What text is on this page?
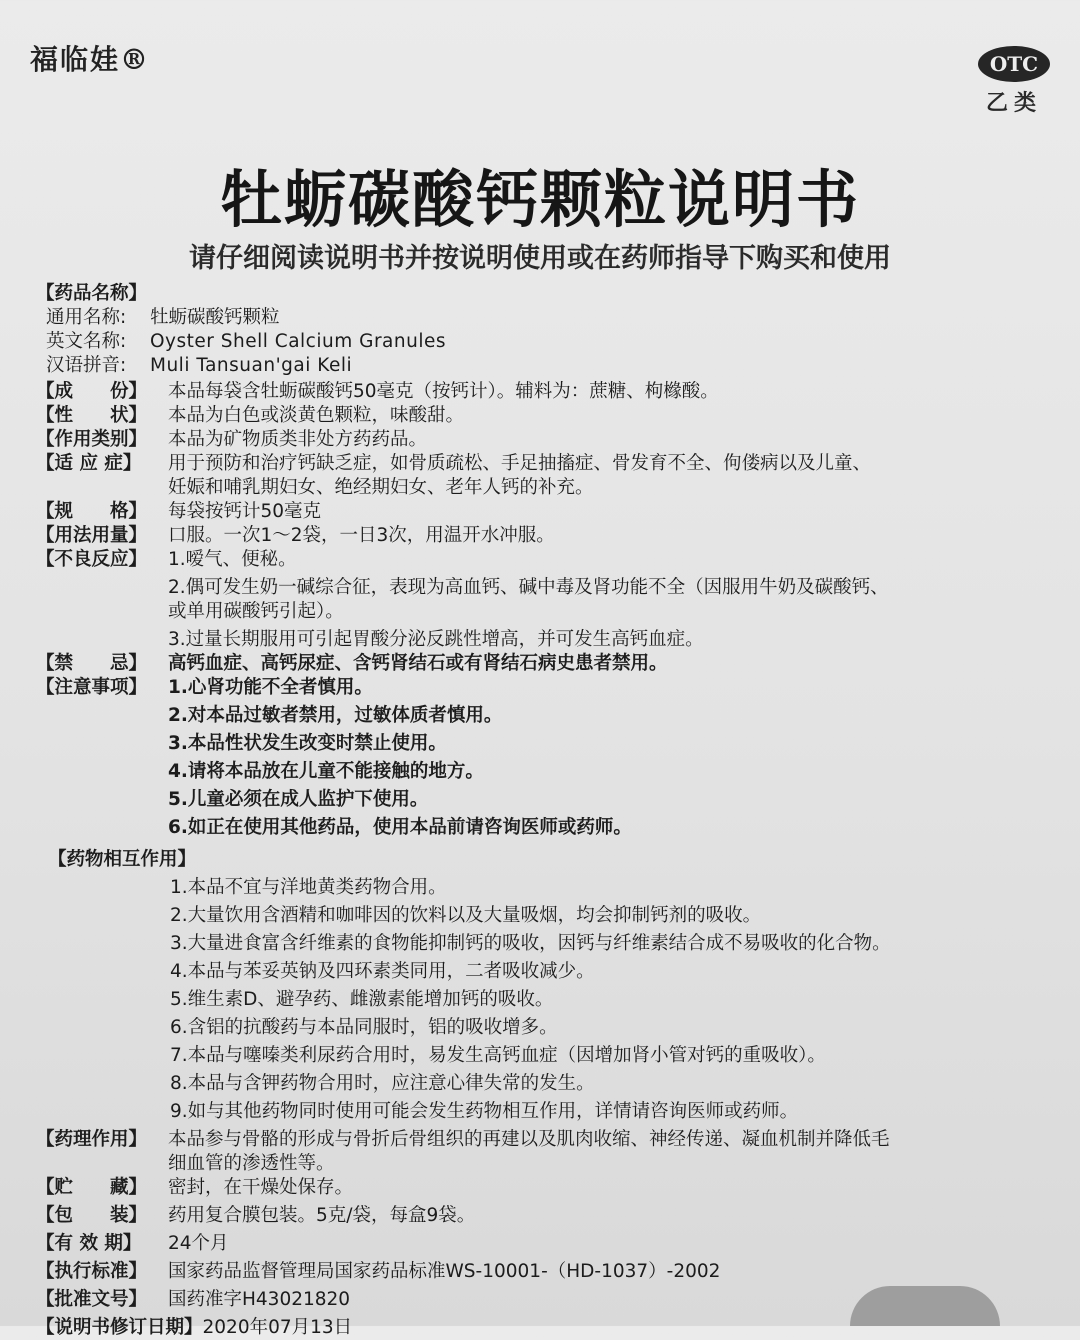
福临娃®	OTC
乙类
牡蛎碳酸钙颗粒说明书
请仔细阅读说明书并按说明使用或在药师指导下购买和使用
【药品名称】
通用名称:	牡蛎碳酸钙颗粒
英文名称:	Oyster Shell Calcium Granules
汉语拼音:	Muli Tansuan'gai Keli
【成　　份】	本品每袋含牡蛎碳酸钙50毫克（按钙计）。辅料为：蔗糖、枸橼酸。
【性　　状】	本品为白色或淡黄色颗粒，味酸甜。
【作用类别】	本品为矿物质类非处方药药品。
【适 应 症】	用于预防和治疗钙缺乏症，如骨质疏松、手足抽搐症、骨发育不全、佝偻病以及儿童、
妊娠和哺乳期妇女、绝经期妇女、老年人钙的补充。
【规　　格】	每袋按钙计50毫克
【用法用量】	口服。一次1～2袋，一日3次，用温开水冲服。
【不良反应】	1.嗳气、便秘。
2.偶可发生奶一碱综合征，表现为高血钙、碱中毒及肾功能不全（因服用牛奶及碳酸钙、
或单用碳酸钙引起）。
3.过量长期服用可引起胃酸分泌反跳性增高，并可发生高钙血症。
【禁　　忌】	高钙血症、高钙尿症、含钙肾结石或有肾结石病史患者禁用。
【注意事项】	1.心肾功能不全者慎用。
2.对本品过敏者禁用，过敏体质者慎用。
3.本品性状发生改变时禁止使用。
4.请将本品放在儿童不能接触的地方。
5.儿童必须在成人监护下使用。
6.如正在使用其他药品，使用本品前请咨询医师或药师。
【药物相互作用】
1.本品不宜与洋地黄类药物合用。
2.大量饮用含酒精和咖啡因的饮料以及大量吸烟，均会抑制钙剂的吸收。
3.大量进食富含纤维素的食物能抑制钙的吸收，因钙与纤维素结合成不易吸收的化合物。
4.本品与苯妥英钠及四环素类同用，二者吸收减少。
5.维生素D、避孕药、雌激素能增加钙的吸收。
6.含铝的抗酸药与本品同服时，铝的吸收增多。
7.本品与噻嗪类利尿药合用时，易发生高钙血症（因增加肾小管对钙的重吸收）。
8.本品与含钾药物合用时，应注意心律失常的发生。
9.如与其他药物同时使用可能会发生药物相互作用，详情请咨询医师或药师。
【药理作用】	本品参与骨骼的形成与骨折后骨组织的再建以及肌肉收缩、神经传递、凝血机制并降低毛
细血管的渗透性等。
【贮　　藏】	密封，在干燥处保存。
【包　　装】	药用复合膜包装。5克/袋，每盒9袋。
【有 效 期】	24个月
【执行标准】	国家药品监督管理局国家药品标准WS-10001-（HD-1037）-2002
【批准文号】	国药准字H43021820
【说明书修订日期】 2020年07月13日
